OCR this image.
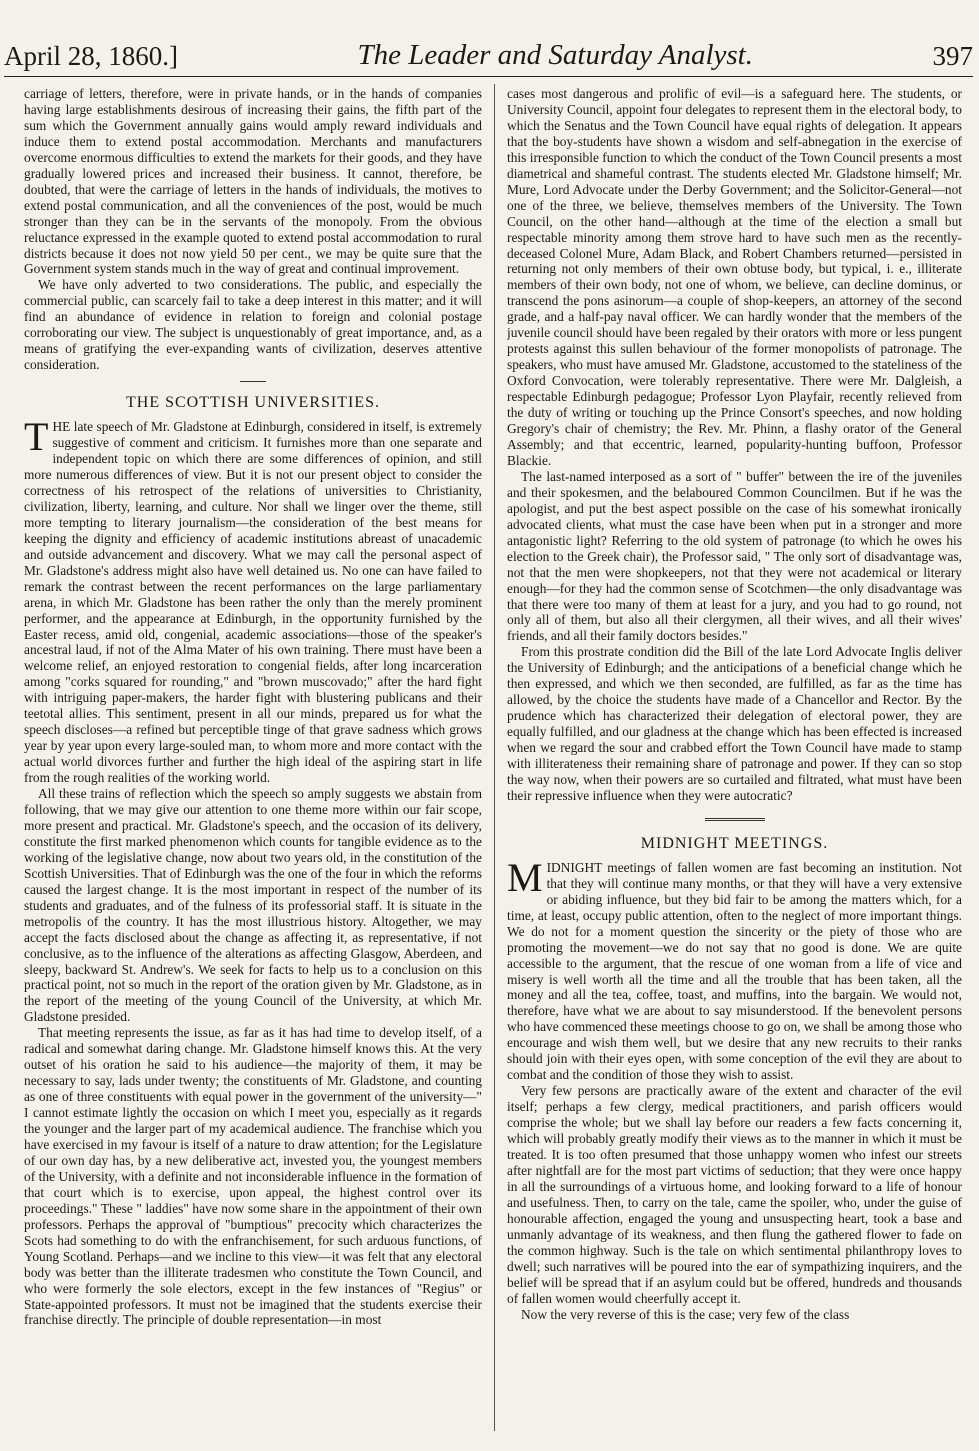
April 28, 1860.]	The Leader and Saturday Analyst.	397

carriage of letters, therefore, were in private hands, or in the hands of companies having large establishments desirous of increasing their gains, the fifth part of the sum which the Government annually gains would amply reward individuals and induce them to extend postal accommodation. Merchants and manufacturers overcome enormous difficulties to extend the markets for their goods, and they have gradually lowered prices and increased their business. It cannot, therefore, be doubted, that were the carriage of letters in the hands of individuals, the motives to extend postal communication, and all the conveniences of the post, would be much stronger than they can be in the servants of the monopoly. From the obvious reluctance expressed in the example quoted to extend postal accommodation to rural districts because it does not now yield 50 per cent., we may be quite sure that the Government system stands much in the way of great and continual improvement.

We have only adverted to two considerations. The public, and especially the commercial public, can scarcely fail to take a deep interest in this matter; and it will find an abundance of evidence in relation to foreign and colonial postage corroborating our view. The subject is unquestionably of great importance, and, as a means of gratifying the ever-expanding wants of civilization, deserves attentive consideration.

THE SCOTTISH UNIVERSITIES.

THE late speech of Mr. Gladstone at Edinburgh, considered in itself, is extremely suggestive of comment and criticism. It furnishes more than one separate and independent topic on which there are some differences of opinion, and still more numerous differences of view. But it is not our present object to consider the correctness of his retrospect of the relations of universities to Christianity, civilization, liberty, learning, and culture. Nor shall we linger over the theme, still more tempting to literary journalism—the consideration of the best means for keeping the dignity and efficiency of academic institutions abreast of unacademic and outside advancement and discovery. What we may call the personal aspect of Mr. Gladstone's address might also have well detained us. No one can have failed to remark the contrast between the recent performances on the large parliamentary arena, in which Mr. Gladstone has been rather the only than the merely prominent performer, and the appearance at Edinburgh, in the opportunity furnished by the Easter recess, amid old, congenial, academic associations—those of the speaker's ancestral laud, if not of the Alma Mater of his own training. There must have been a welcome relief, an enjoyed restoration to congenial fields, after long incarceration among "corks squared for rounding," and "brown muscovado;" after the hard fight with intriguing paper-makers, the harder fight with blustering publicans and their teetotal allies. This sentiment, present in all our minds, prepared us for what the speech discloses—a refined but perceptible tinge of that grave sadness which grows year by year upon every large-souled man, to whom more and more contact with the actual world divorces further and further the high ideal of the aspiring start in life from the rough realities of the working world.

All these trains of reflection which the speech so amply suggests we abstain from following, that we may give our attention to one theme more within our fair scope, more present and practical. Mr. Gladstone's speech, and the occasion of its delivery, constitute the first marked phenomenon which counts for tangible evidence as to the working of the legislative change, now about two years old, in the constitution of the Scottish Universities. That of Edinburgh was the one of the four in which the reforms caused the largest change. It is the most important in respect of the number of its students and graduates, and of the fulness of its professorial staff. It is situate in the metropolis of the country. It has the most illustrious history. Altogether, we may accept the facts disclosed about the change as affecting it, as representative, if not conclusive, as to the influence of the alterations as affecting Glasgow, Aberdeen, and sleepy, backward St. Andrew's. We seek for facts to help us to a conclusion on this practical point, not so much in the report of the oration given by Mr. Gladstone, as in the report of the meeting of the young Council of the University, at which Mr. Gladstone presided.

That meeting represents the issue, as far as it has had time to develop itself, of a radical and somewhat daring change. Mr. Gladstone himself knows this. At the very outset of his oration he said to his audience—the majority of them, it may be necessary to say, lads under twenty; the constituents of Mr. Gladstone, and counting as one of three constituents with equal power in the government of the university—" I cannot estimate lightly the occasion on which I meet you, especially as it regards the younger and the larger part of my academical audience. The franchise which you have exercised in my favour is itself of a nature to draw attention; for the Legislature of our own day has, by a new deliberative act, invested you, the youngest members of the University, with a definite and not inconsiderable influence in the formation of that court which is to exercise, upon appeal, the highest control over its proceedings." These " laddies" have now some share in the appointment of their own professors. Perhaps the approval of "bumptious" precocity which characterizes the Scots had something to do with the enfranchisement, for such arduous functions, of Young Scotland. Perhaps—and we incline to this view—it was felt that any electoral body was better than the illiterate tradesmen who constitute the Town Council, and who were formerly the sole electors, except in the few instances of "Regius" or State-appointed professors. It must not be imagined that the students exercise their franchise directly. The principle of double representation—in most

cases most dangerous and prolific of evil—is a safeguard here. The students, or University Council, appoint four delegates to represent them in the electoral body, to which the Senatus and the Town Council have equal rights of delegation. It appears that the boy-students have shown a wisdom and self-abnegation in the exercise of this irresponsible function to which the conduct of the Town Council presents a most diametrical and shameful contrast. The students elected Mr. Gladstone himself; Mr. Mure, Lord Advocate under the Derby Government; and the Solicitor-General—not one of the three, we believe, themselves members of the University. The Town Council, on the other hand—although at the time of the election a small but respectable minority among them strove hard to have such men as the recently-deceased Colonel Mure, Adam Black, and Robert Chambers returned—persisted in returning not only members of their own obtuse body, but typical, i. e., illiterate members of their own body, not one of whom, we believe, can decline dominus, or transcend the pons asinorum—a couple of shop-keepers, an attorney of the second grade, and a half-pay naval officer. We can hardly wonder that the members of the juvenile council should have been regaled by their orators with more or less pungent protests against this sullen behaviour of the former monopolists of patronage. The speakers, who must have amused Mr. Gladstone, accustomed to the stateliness of the Oxford Convocation, were tolerably representative. There were Mr. Dalgleish, a respectable Edinburgh pedagogue; Professor Lyon Playfair, recently relieved from the duty of writing or touching up the Prince Consort's speeches, and now holding Gregory's chair of chemistry; the Rev. Mr. Phinn, a flashy orator of the General Assembly; and that eccentric, learned, popularity-hunting buffoon, Professor Blackie.

The last-named interposed as a sort of " buffer" between the ire of the juveniles and their spokesmen, and the belaboured Common Councilmen. But if he was the apologist, and put the best aspect possible on the case of his somewhat ironically advocated clients, what must the case have been when put in a stronger and more antagonistic light? Referring to the old system of patronage (to which he owes his election to the Greek chair), the Professor said, " The only sort of disadvantage was, not that the men were shopkeepers, not that they were not academical or literary enough—for they had the common sense of Scotchmen—the only disadvantage was that there were too many of them at least for a jury, and you had to go round, not only all of them, but also all their clergymen, all their wives, and all their wives' friends, and all their family doctors besides."

From this prostrate condition did the Bill of the late Lord Advocate Inglis deliver the University of Edinburgh; and the anticipations of a beneficial change which he then expressed, and which we then seconded, are fulfilled, as far as the time has allowed, by the choice the students have made of a Chancellor and Rector. By the prudence which has characterized their delegation of electoral power, they are equally fulfilled, and our gladness at the change which has been effected is increased when we regard the sour and crabbed effort the Town Council have made to stamp with illiterateness their remaining share of patronage and power. If they can so stop the way now, when their powers are so curtailed and filtrated, what must have been their repressive influence when they were autocratic?

MIDNIGHT MEETINGS.

MIDNIGHT meetings of fallen women are fast becoming an institution. Not that they will continue many months, or that they will have a very extensive or abiding influence, but they bid fair to be among the matters which, for a time, at least, occupy public attention, often to the neglect of more important things. We do not for a moment question the sincerity or the piety of those who are promoting the movement—we do not say that no good is done. We are quite accessible to the argument, that the rescue of one woman from a life of vice and misery is well worth all the time and all the trouble that has been taken, all the money and all the tea, coffee, toast, and muffins, into the bargain. We would not, therefore, have what we are about to say misunderstood. If the benevolent persons who have commenced these meetings choose to go on, we shall be among those who encourage and wish them well, but we desire that any new recruits to their ranks should join with their eyes open, with some conception of the evil they are about to combat and the condition of those they wish to assist.

Very few persons are practically aware of the extent and character of the evil itself; perhaps a few clergy, medical practitioners, and parish officers would comprise the whole; but we shall lay before our readers a few facts concerning it, which will probably greatly modify their views as to the manner in which it must be treated. It is too often presumed that those unhappy women who infest our streets after nightfall are for the most part victims of seduction; that they were once happy in all the surroundings of a virtuous home, and looking forward to a life of honour and usefulness. Then, to carry on the tale, came the spoiler, who, under the guise of honourable affection, engaged the young and unsuspecting heart, took a base and unmanly advantage of its weakness, and then flung the gathered flower to fade on the common highway. Such is the tale on which sentimental philanthropy loves to dwell; such narratives will be poured into the ear of sympathizing inquirers, and the belief will be spread that if an asylum could but be offered, hundreds and thousands of fallen women would cheerfully accept it.

Now the very reverse of this is the case; very few of the class
